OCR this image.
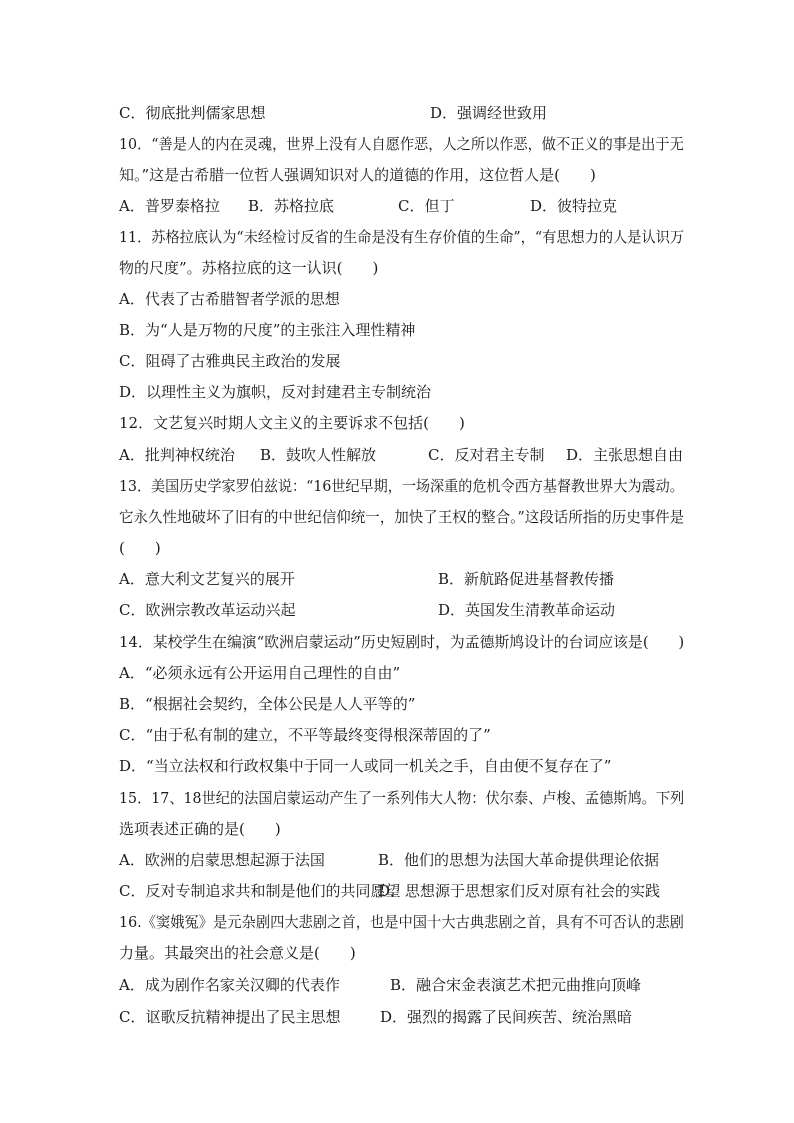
C．彻底批判儒家思想	D．强调经世致用
10．“善是人的内在灵魂，世界上没有人自愿作恶，人之所以作恶，做不正义的事是出于无
知。”这是古希腊一位哲人强调知识对人的道德的作用，这位哲人是(　　)
A．普罗泰格拉 B．苏格拉底	C．但丁	D．彼特拉克
11．苏格拉底认为“未经检讨反省的生命是没有生存价值的生命”，“有思想力的人是认识万
物的尺度”。苏格拉底的这一认识(　　)
A．代表了古希腊智者学派的思想
B．为“人是万物的尺度”的主张注入理性精神
C．阻碍了古雅典民主政治的发展
D．以理性主义为旗帜，反对封建君主专制统治
12．文艺复兴时期人文主义的主要诉求不包括(　　)
A．批判神权统治 B．鼓吹人性解放	C．反对君主专制 D．主张思想自由
13．美国历史学家罗伯兹说：“16世纪早期，一场深重的危机令西方基督教世界大为震动。
它永久性地破坏了旧有的中世纪信仰统一，加快了王权的整合。”这段话所指的历史事件是
(　　)
A．意大利文艺复兴的展开	B．新航路促进基督教传播
C．欧洲宗教改革运动兴起	D．英国发生清教革命运动
14．某校学生在编演“欧洲启蒙运动”历史短剧时，为孟德斯鸠设计的台词应该是(　　)
A．“必须永远有公开运用自己理性的自由”
B．“根据社会契约，全体公民是人人平等的”
C．“由于私有制的建立，不平等最终变得根深蒂固的了”
D．“当立法权和行政权集中于同一人或同一机关之手，自由便不复存在了”
15．17、18世纪的法国启蒙运动产生了一系列伟大人物：伏尔泰、卢梭、孟德斯鸠。下列
选项表述正确的是(　　)
A．欧洲的启蒙思想起源于法国	B．他们的思想为法国大革命提供理论依据
C．反对专制追求共和制是他们的共同愿望
D．思想源于思想家们反对原有社会的实践
16.《窦娥冤》是元杂剧四大悲剧之首，也是中国十大古典悲剧之首，具有不可否认的悲剧
力量。其最突出的社会意义是(　　)
A．成为剧作名家关汉卿的代表作	B．融合宋金表演艺术把元曲推向顶峰
C．讴歌反抗精神提出了民主思想	D．强烈的揭露了民间疾苦、统治黑暗
